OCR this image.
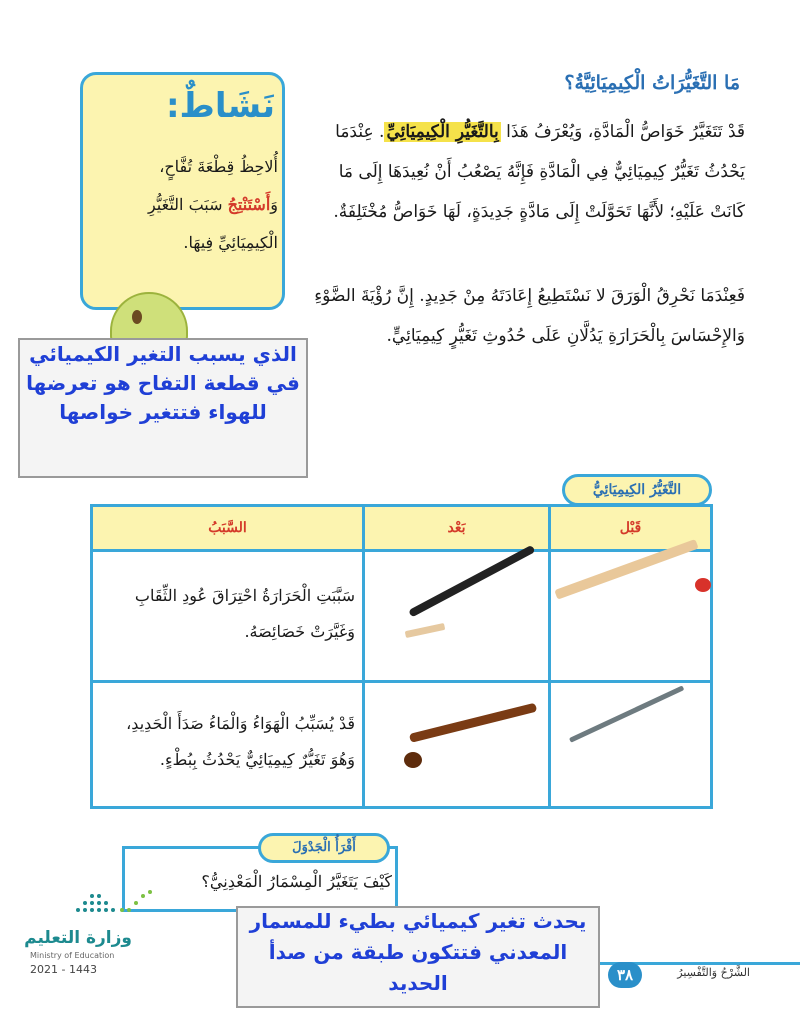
مَا التَّغَيُّرَاتُ الْكِيمِيَائِيَّةُ؟
قَدْ تَتَغَيَّرُ خَوَاصُّ الْمَادَّةِ، وَيُعْرَفُ هَذَا بِالتَّغَيُّرِ الْكِيمِيَائِيِّ. عِنْدَمَا يَحْدُثُ تَغَيُّرٌ كِيمِيَائِيٌّ فِي الْمَادَّةِ فَإِنَّهُ يَصْعُبُ أَنْ نُعِيدَهَا إِلَى مَا كَانَتْ عَلَيْهِ؛ لأَنَّهَا تَحَوَّلَتْ إِلَى مَادَّةٍ جَدِيدَةٍ، لَهَا خَوَاصُّ مُخْتَلِفَةٌ.
فَعِنْدَمَا نَحْرِقُ الْوَرَقَ لا نَسْتَطِيعُ إِعَادَتَهُ مِنْ جَدِيدٍ. إِنَّ رُؤْيَةَ الضَّوْءِ وَالإِحْسَاسَ بِالْحَرَارَةِ يَدُلَّانِ عَلَى حُدُوثِ تَغَيُّرٍ كِيمِيَائِيٍّ.
نَشَاطٌ:
أُلاحِظُ قِطْعَةَ تُفَّاحٍ،
وَأَسْتَنْتِجُ سَبَبَ التَّغَيُّرِ
الْكِيمِيَائِيِّ فِيهَا.
الذي يسبب التغير الكيميائي في قطعة التفاح هو تعرضها للهواء فتتغير خواصها
قَبْل
بَعْد
السَّبَبُ
التَّغَيُّرُ الكِيمِيَائِيُّ
سَبَّبَتِ الْحَرَارَةُ احْتِرَاقَ عُودِ الثِّقَابِ وَغَيَّرَتْ خَصَائِصَهُ.
قَدْ يُسَبِّبُ الْهَوَاءُ وَالْمَاءُ صَدَأَ الْحَدِيدِ، وَهُوَ تَغَيُّرٌ كِيمِيَائِيٌّ يَحْدُثُ بِبُطْءٍ.
أَقْرَأُ الْجَدْوَلَ
كَيْفَ يَتَغَيَّرُ الْمِسْمَارُ الْمَعْدِنِيُّ؟
يحدث تغير كيميائي بطيء للمسمار المعدني فتتكون طبقة من صدأ الحديد
وزارة التعليم
Ministry of Education
2021 - 1443	الشَّرْحُ وَالتَّفْسِيرُ
٣٨
